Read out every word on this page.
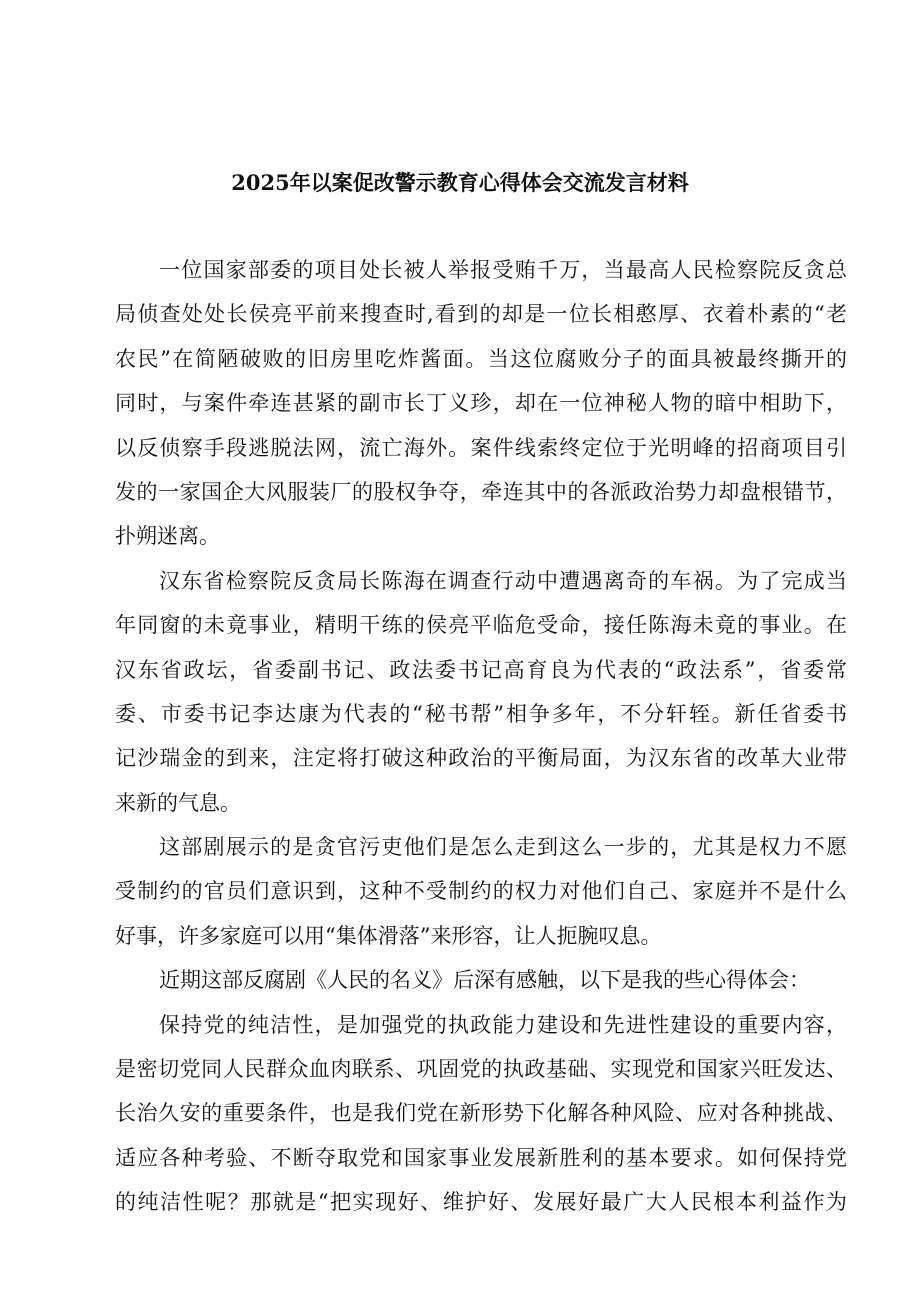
2025年以案促改警示教育心得体会交流发言材料
一位国家部委的项目处长被人举报受贿千万，当最高人民检察院反贪总
局侦查处处长侯亮平前来搜查时,看到的却是一位长相憨厚、衣着朴素的“老
农民”在简陋破败的旧房里吃炸酱面。当这位腐败分子的面具被最终撕开的
同时，与案件牵连甚紧的副市长丁义珍，却在一位神秘人物的暗中相助下，
以反侦察手段逃脱法网，流亡海外。案件线索终定位于光明峰的招商项目引
发的一家国企大风服装厂的股权争夺，牵连其中的各派政治势力却盘根错节，
扑朔迷离。
汉东省检察院反贪局长陈海在调查行动中遭遇离奇的车祸。为了完成当
年同窗的未竟事业，精明干练的侯亮平临危受命，接任陈海未竟的事业。在
汉东省政坛，省委副书记、政法委书记高育良为代表的“政法系”，省委常
委、市委书记李达康为代表的“秘书帮”相争多年，不分轩轾。新任省委书
记沙瑞金的到来，注定将打破这种政治的平衡局面，为汉东省的改革大业带
来新的气息。
这部剧展示的是贪官污吏他们是怎么走到这么一步的，尤其是权力不愿
受制约的官员们意识到，这种不受制约的权力对他们自己、家庭并不是什么
好事，许多家庭可以用“集体滑落”来形容，让人扼腕叹息。
近期这部反腐剧《人民的名义》后深有感触，以下是我的些心得体会：
保持党的纯洁性，是加强党的执政能力建设和先进性建设的重要内容，
是密切党同人民群众血肉联系、巩固党的执政基础、实现党和国家兴旺发达、
长治久安的重要条件，也是我们党在新形势下化解各种风险、应对各种挑战、
适应各种考验、不断夺取党和国家事业发展新胜利的基本要求。如何保持党
的纯洁性呢？那就是“把实现好、维护好、发展好最广大人民根本利益作为
